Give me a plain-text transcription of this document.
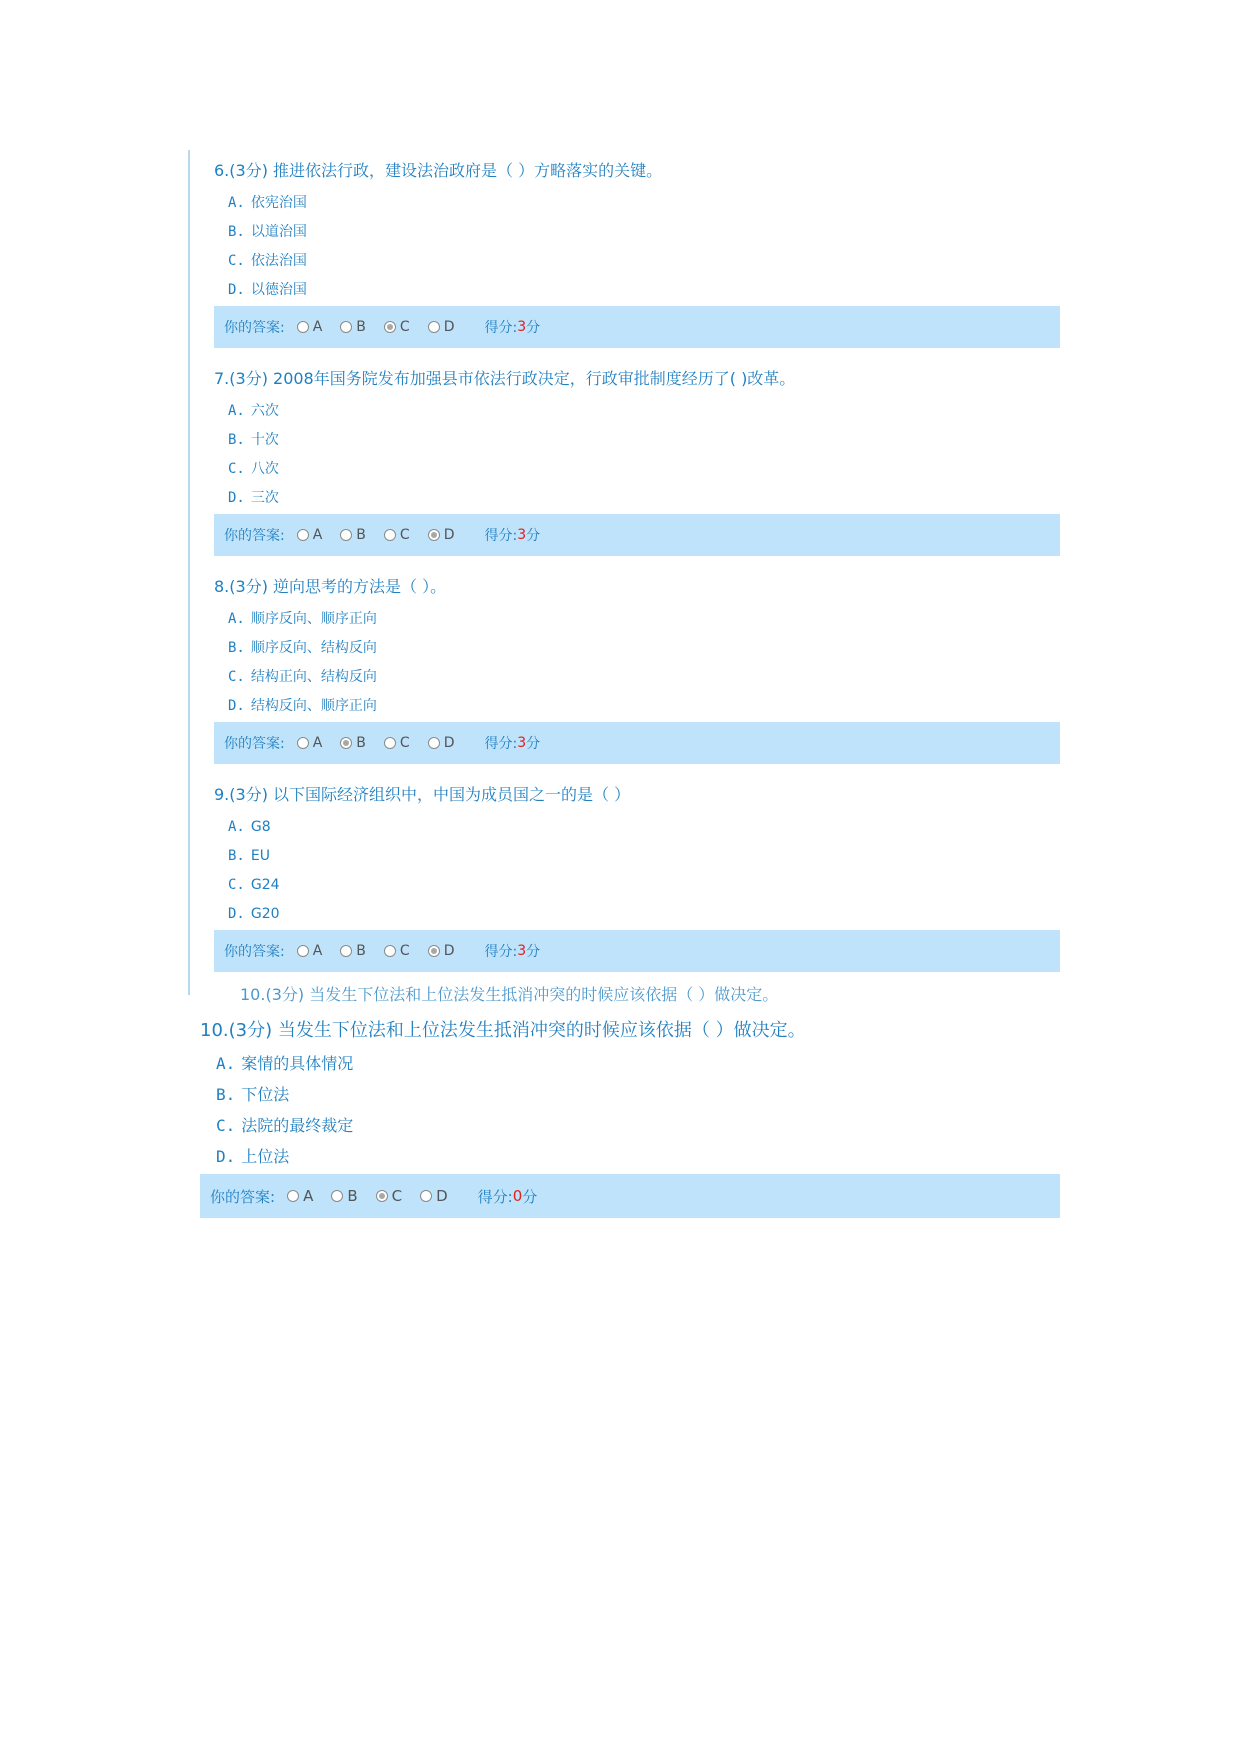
6.(3分) 推进依法行政，建设法治政府是（ ）方略落实的关键。
A. 依宪治国
B. 以道治国
C. 依法治国
D. 以德治国
你的答案: A B C D 得分: 3 分
7.(3分) 2008年国务院发布加强县市依法行政决定，行政审批制度经历了( )改革。
A. 六次
B. 十次
C. 八次
D. 三次
你的答案: A B C D 得分: 3 分
8.(3分) 逆向思考的方法是（ ）。
A. 顺序反向、顺序正向
B. 顺序反向、结构反向
C. 结构正向、结构反向
D. 结构反向、顺序正向
你的答案: A B C D 得分: 3 分
9.(3分) 以下国际经济组织中，中国为成员国之一的是（ ）
A. G8
B. EU
C. G24
D. G20
你的答案: A B C D 得分: 3 分
10.(3分) 当发生下位法和上位法发生抵消冲突的时候应该依据（ ）做决定。
10.(3分) 当发生下位法和上位法发生抵消冲突的时候应该依据（ ）做决定。
A. 案情的具体情况
B. 下位法
C. 法院的最终裁定
D. 上位法
你的答案: A B C D 得分: 0 分
